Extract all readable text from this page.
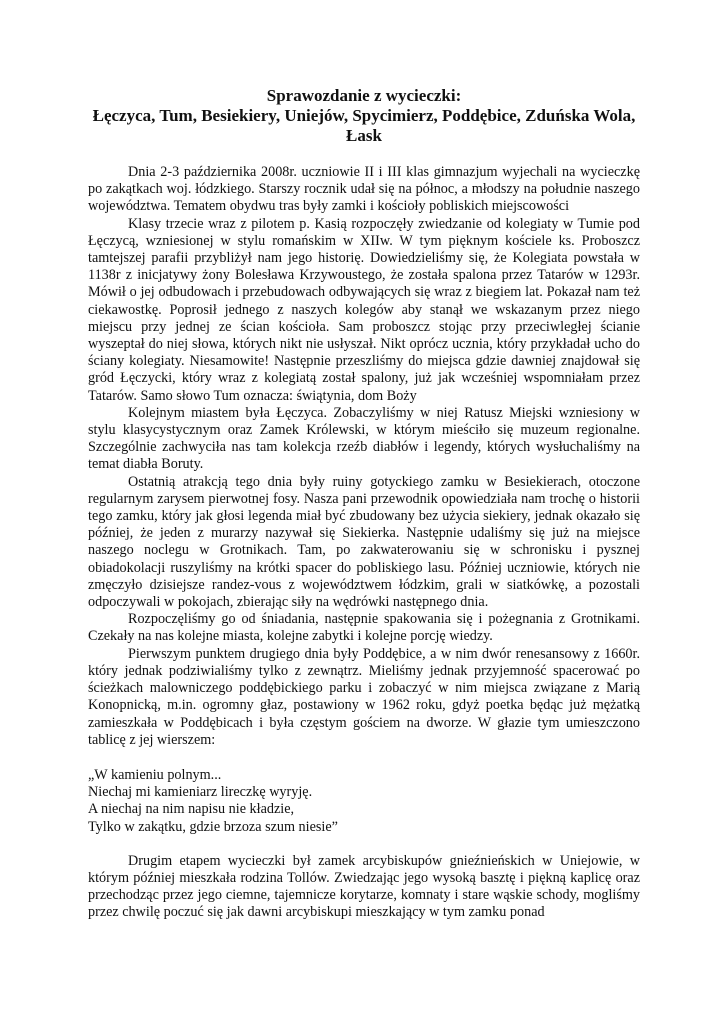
Sprawozdanie z wycieczki:

Łęczyca, Tum, Besiekiery, Uniejów, Spycimierz, Poddębice, Zduńska Wola,

Łask

Dnia 2-3 października 2008r. uczniowie II i III klas gimnazjum wyjechali na wycieczkę po zakątkach woj. łódzkiego. Starszy rocznik udał się na północ, a młodszy na południe naszego województwa. Tematem obydwu tras były zamki i kościoły pobliskich miejscowości

Klasy trzecie wraz z pilotem p. Kasią rozpoczęły zwiedzanie od kolegiaty w Tumie pod Łęczycą, wzniesionej w stylu romańskim w XIIw. W tym pięknym kościele ks. Proboszcz tamtejszej parafii przybliżył nam jego historię. Dowiedzieliśmy się, że Kolegiata powstała w 1138r z inicjatywy żony Bolesława Krzywoustego, że została spalona przez Tatarów w 1293r. Mówił o jej odbudowach i przebudowach odbywających się wraz z biegiem lat. Pokazał nam też ciekawostkę. Poprosił jednego z naszych kolegów aby stanął we wskazanym przez niego miejscu przy jednej ze ścian kościoła. Sam proboszcz stojąc przy przeciwległej ścianie wyszeptał do niej słowa, których nikt nie usłyszał. Nikt oprócz ucznia, który przykładał ucho do ściany kolegiaty. Niesamowite! Następnie przeszliśmy do miejsca gdzie dawniej znajdował się gród Łęczycki, który wraz z kolegiatą został spalony, już jak wcześniej wspomniałam przez Tatarów. Samo słowo Tum oznacza: świątynia, dom Boży

Kolejnym miastem była Łęczyca. Zobaczyliśmy w niej Ratusz Miejski wzniesiony w stylu klasycystycznym oraz Zamek Królewski, w którym mieściło się muzeum regionalne. Szczególnie zachwyciła nas tam kolekcja rzeźb diabłów i legendy, których wysłuchaliśmy na temat diabła Boruty.

Ostatnią atrakcją tego dnia były ruiny gotyckiego zamku w Besiekierach, otoczone regularnym zarysem pierwotnej fosy. Nasza pani przewodnik opowiedziała nam trochę o historii tego zamku, który jak głosi legenda miał być zbudowany bez użycia siekiery, jednak okazało się później, że jeden z murarzy nazywał się Siekierka. Następnie udaliśmy się już na miejsce naszego noclegu w Grotnikach. Tam, po zakwaterowaniu się w schronisku i pysznej obiadokolacji ruszyliśmy na krótki spacer do pobliskiego lasu. Później uczniowie, których nie zmęczyło dzisiejsze randez-vous z województwem łódzkim, grali w siatkówkę, a pozostali odpoczywali w pokojach, zbierając siły na wędrówki następnego dnia.

Rozpoczęliśmy go od śniadania, następnie spakowania się i pożegnania z Grotnikami. Czekały na nas kolejne miasta, kolejne zabytki i kolejne porcję wiedzy.

Pierwszym punktem drugiego dnia były Poddębice, a w nim dwór renesansowy z 1660r. który jednak podziwialiśmy tylko z zewnątrz. Mieliśmy jednak przyjemność spacerować po ścieżkach malowniczego poddębickiego parku i zobaczyć w nim miejsca związane z Marią Konopnicką, m.in. ogromny głaz, postawiony w 1962 roku, gdyż poetka będąc już mężatką zamieszkała w Poddębicach i była częstym gościem na dworze. W głazie tym umieszczono tablicę z jej wierszem:

„W kamieniu polnym...
Niechaj mi kamieniarz lireczkę wyryję.
A niechaj na nim napisu nie kładzie,
Tylko w zakątku, gdzie brzoza szum niesie”

Drugim etapem wycieczki był zamek arcybiskupów gnieźnieńskich w Uniejowie, w którym później mieszkała rodzina Tollów. Zwiedzając jego wysoką basztę i piękną kaplicę oraz przechodząc przez jego ciemne, tajemnicze korytarze, komnaty i stare wąskie schody, mogliśmy przez chwilę poczuć się jak dawni arcybiskupi mieszkający w tym zamku ponad
